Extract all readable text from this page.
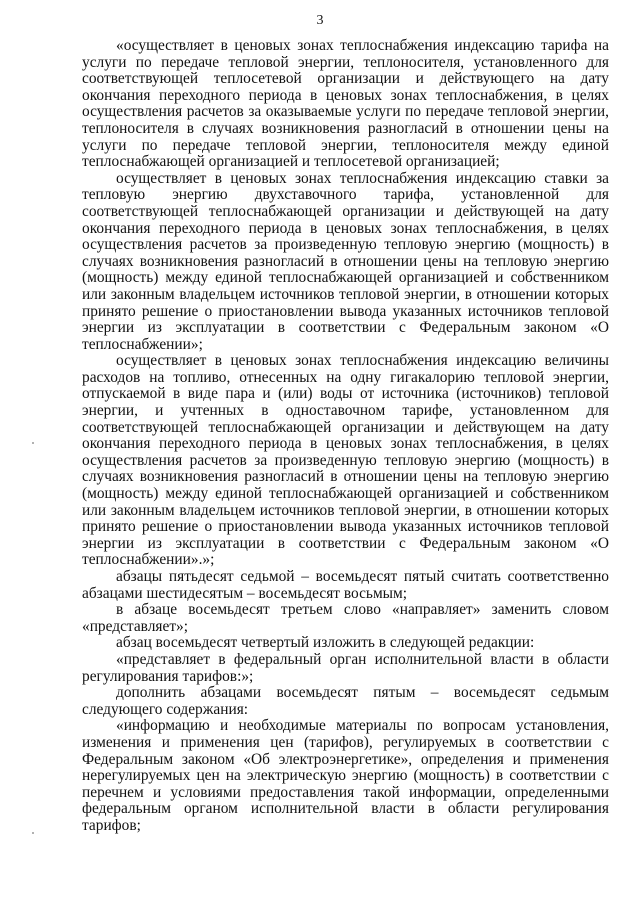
3

«осуществляет в ценовых зонах теплоснабжения индексацию тарифа на услуги по передаче тепловой энергии, теплоносителя, установленного для соответствующей теплосетевой организации и действующего на дату окончания переходного периода в ценовых зонах теплоснабжения, в целях осуществления расчетов за оказываемые услуги по передаче тепловой энергии, теплоносителя в случаях возникновения разногласий в отношении цены на услуги по передаче тепловой энергии, теплоносителя между единой теплоснабжающей организацией и теплосетевой организацией;

осуществляет в ценовых зонах теплоснабжения индексацию ставки за тепловую энергию двухставочного тарифа, установленной для соответствующей теплоснабжающей организации и действующей на дату окончания переходного периода в ценовых зонах теплоснабжения, в целях осуществления расчетов за произведенную тепловую энергию (мощность) в случаях возникновения разногласий в отношении цены на тепловую энергию (мощность) между единой теплоснабжающей организацией и собственником или законным владельцем источников тепловой энергии, в отношении которых принято решение о приостановлении вывода указанных источников тепловой энергии из эксплуатации в соответствии с Федеральным законом «О теплоснабжении»;

осуществляет в ценовых зонах теплоснабжения индексацию величины расходов на топливо, отнесенных на одну гигакалорию тепловой энергии, отпускаемой в виде пара и (или) воды от источника (источников) тепловой энергии, и учтенных в одноставочном тарифе, установленном для соответствующей теплоснабжающей организации и действующем на дату окончания переходного периода в ценовых зонах теплоснабжения, в целях осуществления расчетов за произведенную тепловую энергию (мощность) в случаях возникновения разногласий в отношении цены на тепловую энергию (мощность) между единой теплоснабжающей организацией и собственником или законным владельцем источников тепловой энергии, в отношении которых принято решение о приостановлении вывода указанных источников тепловой энергии из эксплуатации в соответствии с Федеральным законом «О теплоснабжении».»;

абзацы пятьдесят седьмой – восемьдесят пятый считать соответственно абзацами шестидесятым – восемьдесят восьмым;

в абзаце восемьдесят третьем слово «направляет» заменить словом «представляет»;

абзац восемьдесят четвертый изложить в следующей редакции:

«представляет в федеральный орган исполнительной власти в области регулирования тарифов:»;

дополнить абзацами восемьдесят пятым – восемьдесят седьмым следующего содержания:

«информацию и необходимые материалы по вопросам установления, изменения и применения цен (тарифов), регулируемых в соответствии с Федеральным законом «Об электроэнергетике», определения и применения нерегулируемых цен на электрическую энергию (мощность) в соответствии с перечнем и условиями предоставления такой информации, определенными федеральным органом исполнительной власти в области регулирования тарифов;
